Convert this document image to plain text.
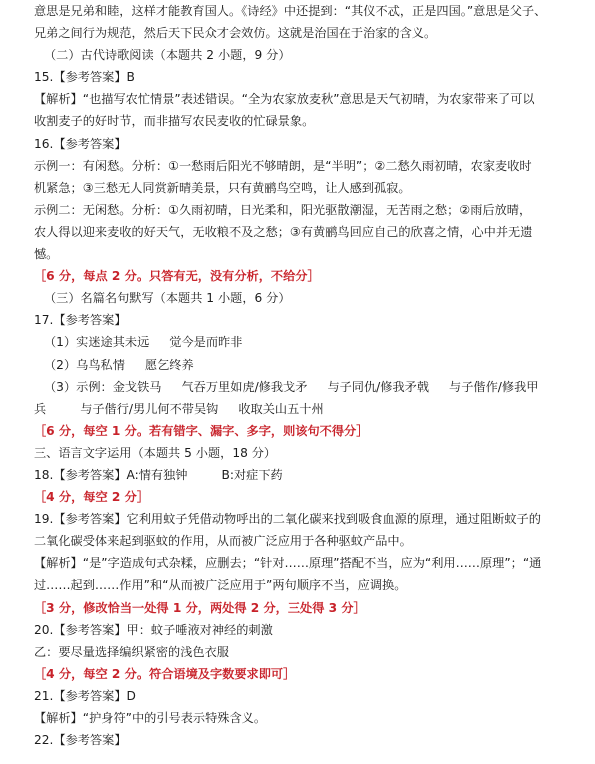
意思是兄弟和睦，这样才能教育国人。《诗经》中还提到：“其仪不忒，正是四国。”意思是父子、
兄弟之间行为规范，然后天下民众才会效仿。这就是治国在于治家的含义。
（二）古代诗歌阅读（本题共 2 小题，9 分）
15.【参考答案】B
【解析】“也描写农忙情景”表述错误。“全为农家放麦秋”意思是天气初晴，为农家带来了可以
收割麦子的好时节，而非描写农民麦收的忙碌景象。
16.【参考答案】
示例一：有闲愁。分析：①一愁雨后阳光不够晴朗，是“半明”；②二愁久雨初晴，农家麦收时
机紧急；③三愁无人同赏新晴美景，只有黄鹂鸟空鸣，让人感到孤寂。
示例二：无闲愁。分析：①久雨初晴，日光柔和，阳光驱散潮湿，无苦雨之愁；②雨后放晴，
农人得以迎来麦收的好天气，无收粮不及之愁；③有黄鹂鸟回应自己的欣喜之情，心中并无遗
憾。
［6 分，每点 2 分。只答有无，没有分析，不给分］
（三）名篇名句默写（本题共 1 小题，6 分）
17.【参考答案】
（1）实迷途其未远 觉今是而昨非
（2）乌鸟私情 愿乞终养
（3）示例：金戈铁马 气吞万里如虎/修我戈矛 与子同仇/修我矛戟 与子偕作/修我甲
兵	与子偕行/男儿何不带吴钩 收取关山五十州
［6 分，每空 1 分。若有错字、漏字、多字，则该句不得分］
三、语言文字运用（本题共 5 小题，18 分）
18.【参考答案】A:情有独钟	B:对症下药
［4 分，每空 2 分］
19.【参考答案】它利用蚊子凭借动物呼出的二氧化碳来找到吸食血源的原理，通过阻断蚊子的
二氧化碳受体来起到驱蚊的作用，从而被广泛应用于各种驱蚊产品中。
【解析】“是”字造成句式杂糅，应删去；“针对……原理”搭配不当，应为“利用……原理”；“通
过……起到……作用”和“从而被广泛应用于”两句顺序不当，应调换。
［3 分，修改恰当一处得 1 分，两处得 2 分，三处得 3 分］
20.【参考答案】甲：蚊子唾液对神经的刺激
乙：要尽量选择编织紧密的浅色衣服
［4 分，每空 2 分。符合语境及字数要求即可］
21.【参考答案】D
【解析】“护身符”中的引号表示特殊含义。
22.【参考答案】
